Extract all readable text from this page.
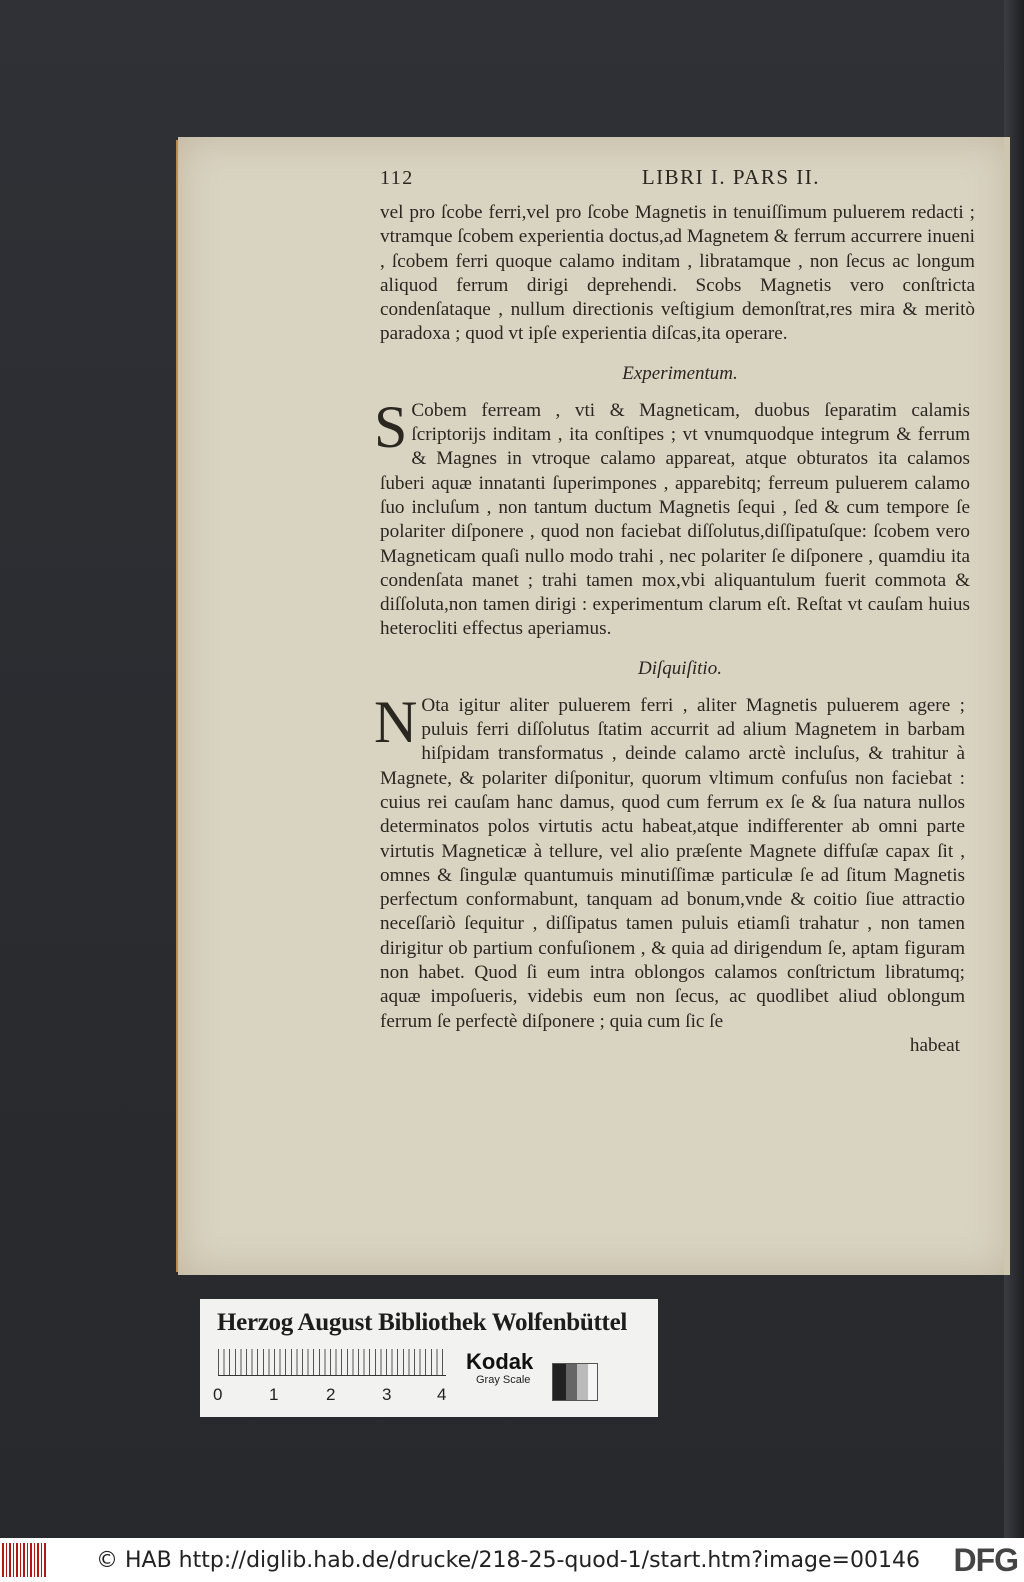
112	LIBRI I. PARS II.

vel pro ſcobe ferri,vel pro ſcobe Magnetis in tenuiſſimum puluerem redacti ; vtramque ſcobem experientia doctus,ad Magnetem & ferrum accurrere inueni , ſcobem ferri quoque calamo inditam , libratamque , non ſecus ac longum aliquod ferrum dirigi deprehendi. Scobs Magnetis vero conſtricta condenſataque , nullum directionis veſtigium demonſtrat,res mira & meritò paradoxa ; quod vt ipſe experientia diſcas,ita operare.

Experimentum.

S Cobem ferream , vti & Magneticam, duobus ſeparatim calamis ſcriptorijs inditam , ita conſtipes ; vt vnumquodque integrum & ferrum & Magnes in vtroque calamo appareat, atque obturatos ita calamos ſuberi aquæ innatanti ſuperimpones , apparebitq; ferreum puluerem calamo ſuo incluſum , non tantum ductum Magnetis ſequi , ſed & cum tempore ſe polariter diſponere , quod non faciebat diſſolutus,diſſipatuſque: ſcobem vero Magneticam quaſi nullo modo trahi , nec polariter ſe diſponere , quamdiu ita condenſata manet ; trahi tamen mox,vbi aliquantulum fuerit commota & diſſoluta,non tamen dirigi : experimentum clarum eſt. Reſtat vt cauſam huius heterocliti effectus aperiamus.

Diſquiſitio.

N Ota igitur aliter puluerem ferri , aliter Magnetis puluerem agere ; puluis ferri diſſolutus ſtatim accurrit ad alium Magnetem in barbam hiſpidam transformatus , deinde calamo arctè incluſus, & trahitur à Magnete, & polariter diſponitur, quorum vltimum confuſus non faciebat : cuius rei cauſam hanc damus, quod cum ferrum ex ſe & ſua natura nullos determinatos polos virtutis actu habeat,atque indifferenter ab omni parte virtutis Magneticæ à tellure, vel alio præſente Magnete diffuſæ capax ſit , omnes & ſingulæ quantumuis minutiſſimæ particulæ ſe ad ſitum Magnetis perfectum conformabunt, tanquam ad bonum,vnde & coitio ſiue attractio neceſſariò ſequitur , diſſipatus tamen puluis etiamſi trahatur , non tamen dirigitur ob partium confuſionem , & quia ad dirigendum ſe, aptam figuram non habet. Quod ſi eum intra oblongos calamos conſtrictum libratumq; aquæ impoſueris, videbis eum non ſecus, ac quodlibet aliud oblongum ferrum ſe perfectè diſponere ; quia cum ſic ſe

habeat
Herzog August Bibliothek Wolfenbüttel
0	1	2	3	4
Kodak
Gray Scale
© HAB http://diglib.hab.de/drucke/218-25-quod-1/start.htm?image=00146	DFG
